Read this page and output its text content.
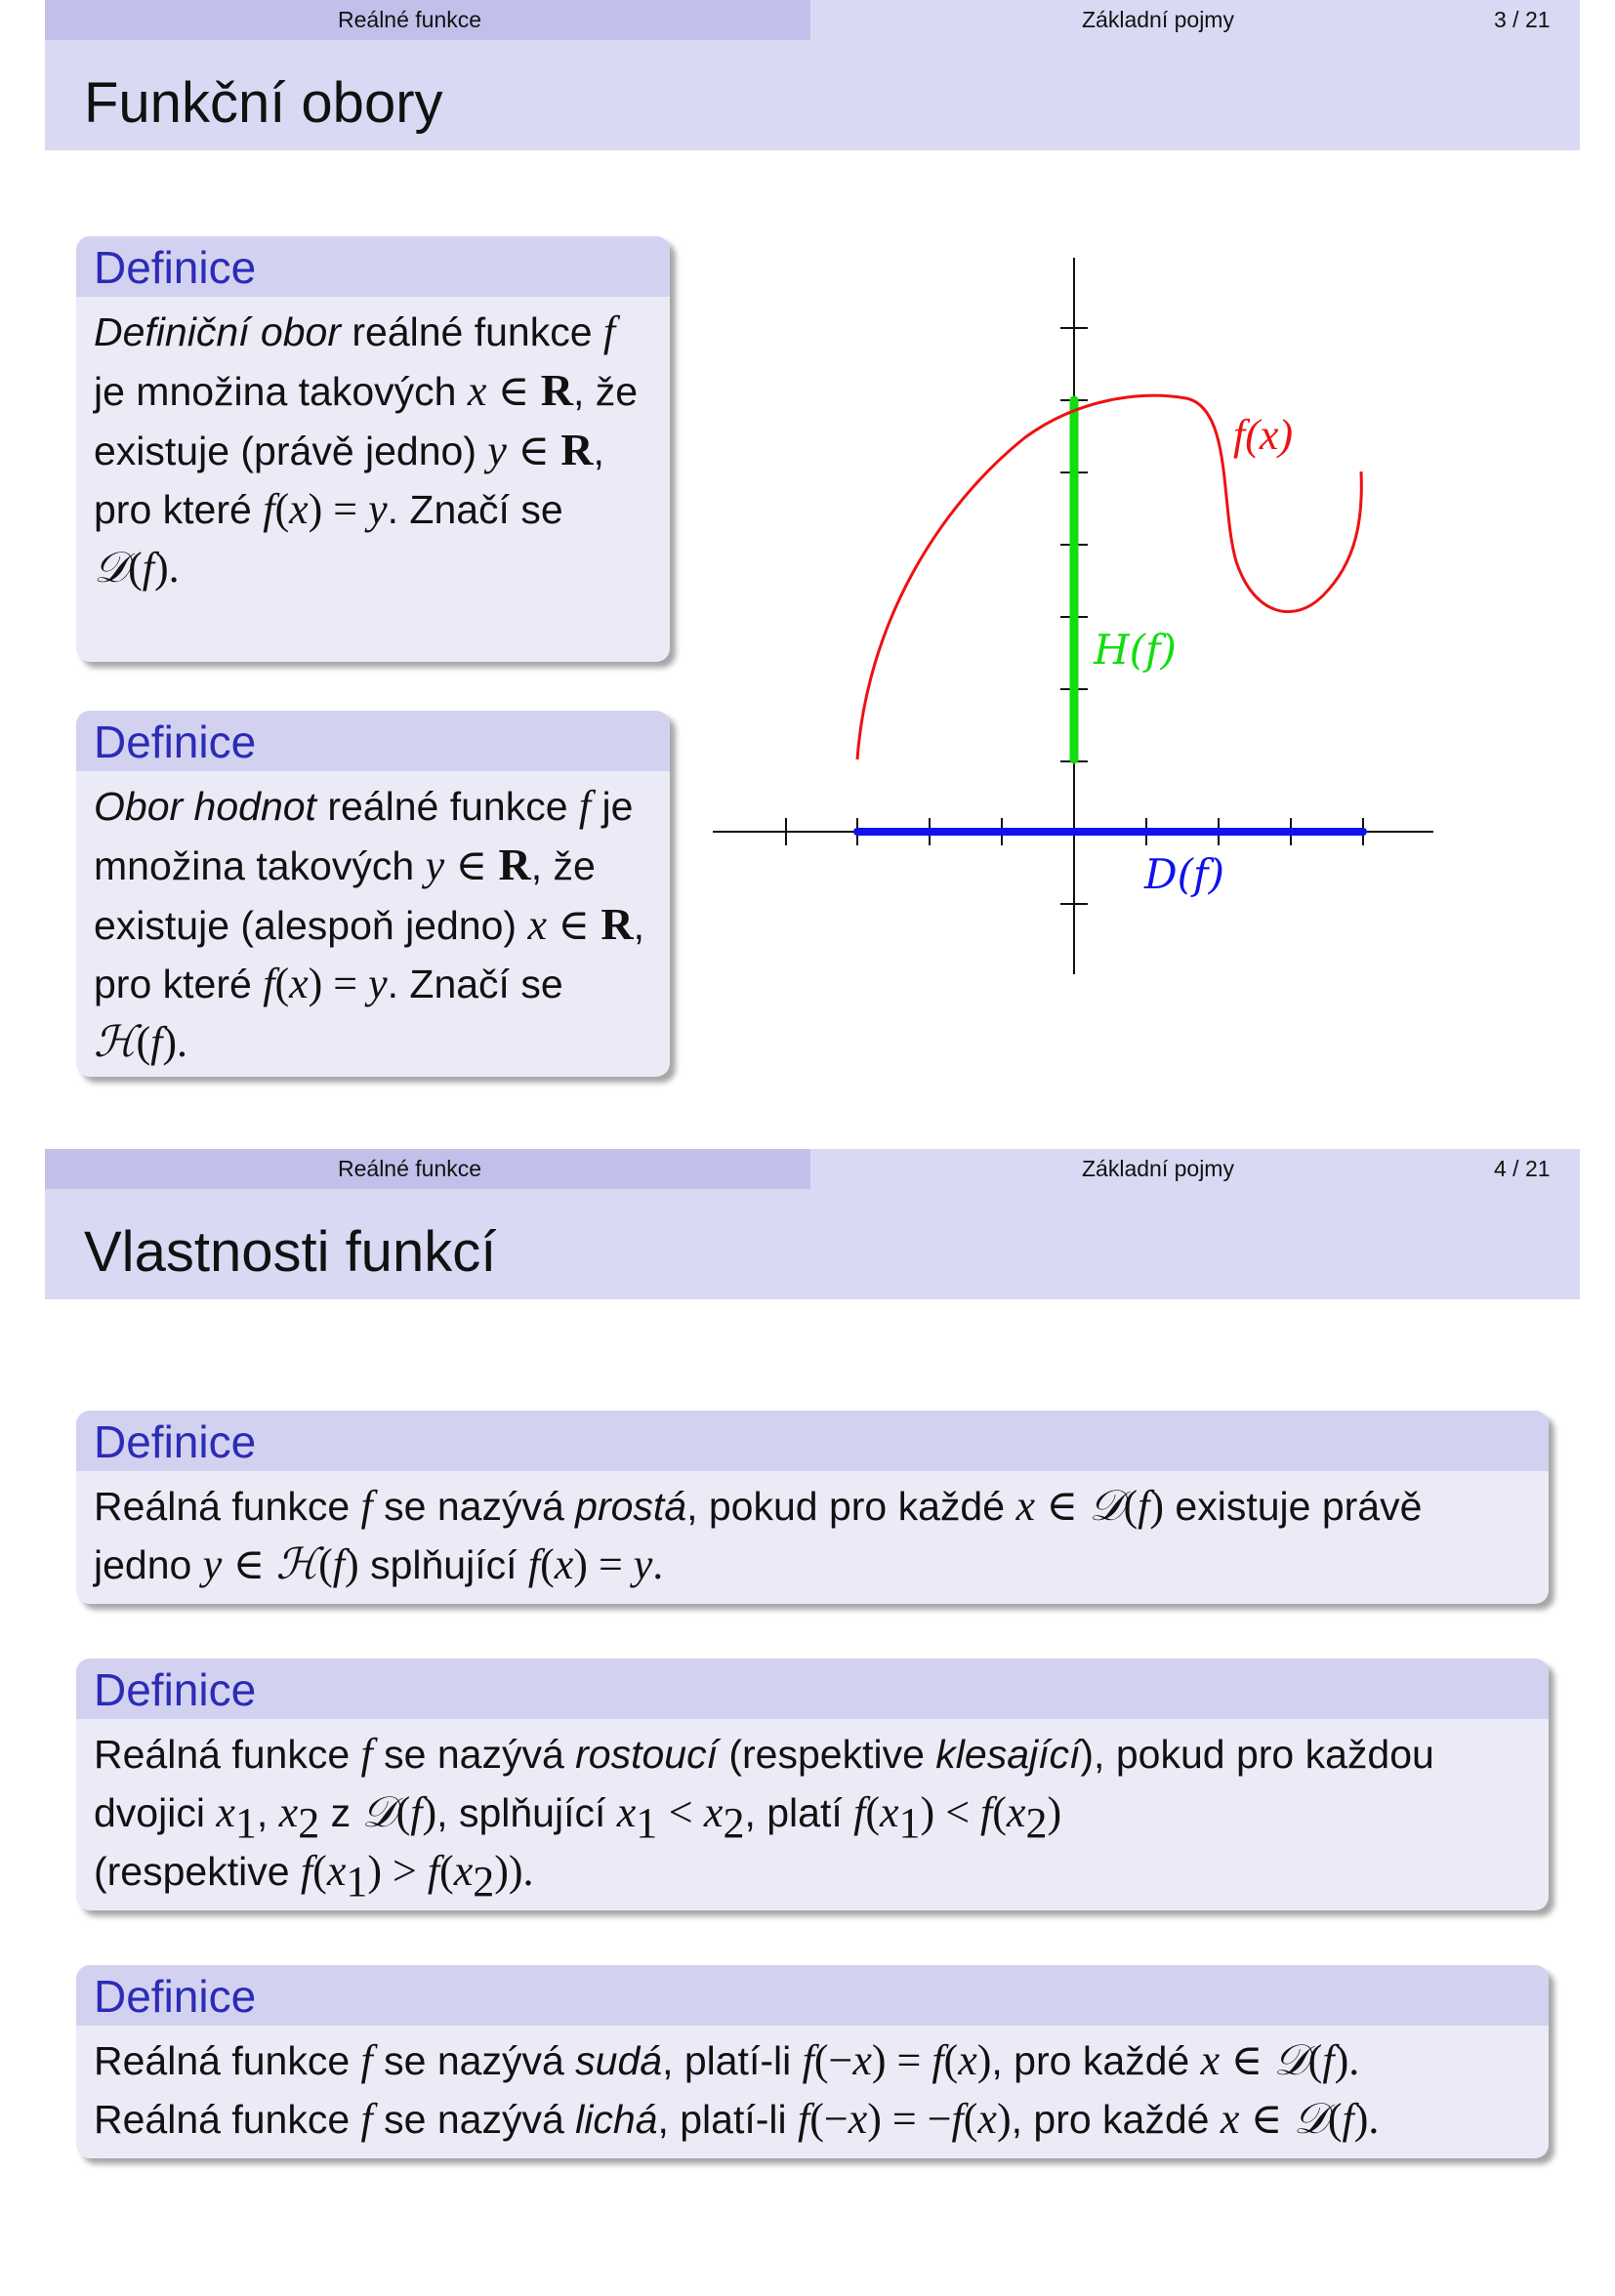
Reálné funkce	Základní pojmy	3 / 21
Funkční obory
Definice
Definiční obor reálné funkce f je množina takových x ∈ R, že existuje (právě jedno) y ∈ R, pro které f(x) = y. Značí se 𝒟(f).
Definice
Obor hodnot reálné funkce f je množina takových y ∈ R, že existuje (alespoň jedno) x ∈ R, pro které f(x) = y. Značí se ℋ(f).
f(x)
H(f)
D(f)
Reálné funkce	Základní pojmy	4 / 21
Vlastnosti funkcí
Definice
Reálná funkce f se nazývá prostá, pokud pro každé x ∈ 𝒟(f) existuje právě jedno y ∈ ℋ(f) splňující f(x) = y.
Definice
Reálná funkce f se nazývá rostoucí (respektive klesající), pokud pro každou dvojici $x_1$, $x_2$ z 𝒟(f), splňující $x_1 < x_2$, platí $f(x_1) < f(x_2)$
(respektive $f(x_1) > f(x_2)$).
Definice
Reálná funkce f se nazývá sudá, platí-li f(−x) = f(x), pro každé x ∈ 𝒟(f).
Reálná funkce f se nazývá lichá, platí-li f(−x) = −f(x), pro každé x ∈ 𝒟(f).
